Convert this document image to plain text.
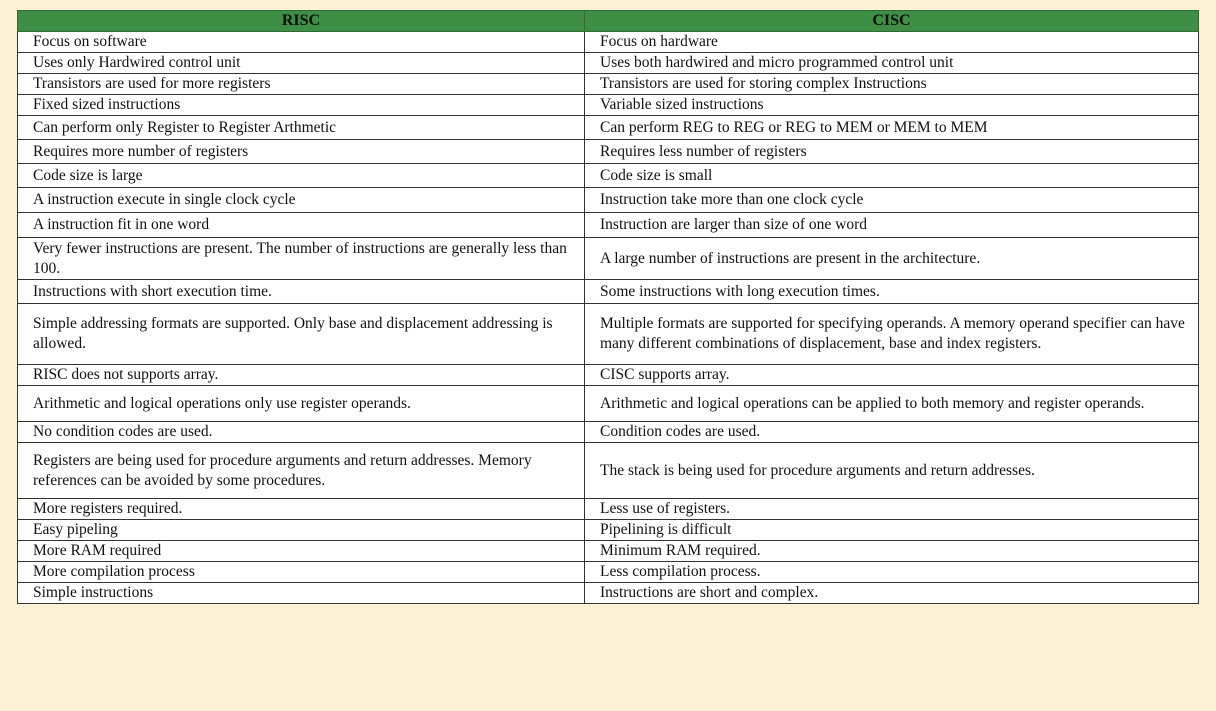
RISC	CISC

Focus on software	Focus on hardware

Uses only Hardwired control unit	Uses both hardwired and micro programmed control unit

Transistors are used for more registers	Transistors are used for storing complex Instructions

Fixed sized instructions	Variable sized instructions

Can perform only Register to Register Arthmetic	Can perform REG to REG or REG to MEM or MEM to MEM

Requires more number of registers	Requires less number of registers

Code size is large	Code size is small

A instruction execute in single clock cycle	Instruction take more than one clock cycle

A instruction fit in one word	Instruction are larger than size of one word

Very fewer instructions are present. The number of instructions are generally less than 100.	A large number of instructions are present in the architecture.

Instructions with short execution time.	Some instructions with long execution times.

Simple addressing formats are supported. Only base and displacement addressing is allowed.	Multiple formats are supported for specifying operands. A memory operand specifier can have many different combinations of displacement, base and index registers.

RISC does not supports array.	CISC supports array.

Arithmetic and logical operations only use register operands.	Arithmetic and logical operations can be applied to both memory and register operands.

No condition codes are used.	Condition codes are used.

Registers are being used for procedure arguments and return addresses. Memory references can be avoided by some procedures.	The stack is being used for procedure arguments and return addresses.

More registers required.	Less use of registers.

Easy pipeling	Pipelining is difficult

More RAM required	Minimum RAM required.

More compilation process	Less compilation process.

Simple instructions	Instructions are short and complex.
